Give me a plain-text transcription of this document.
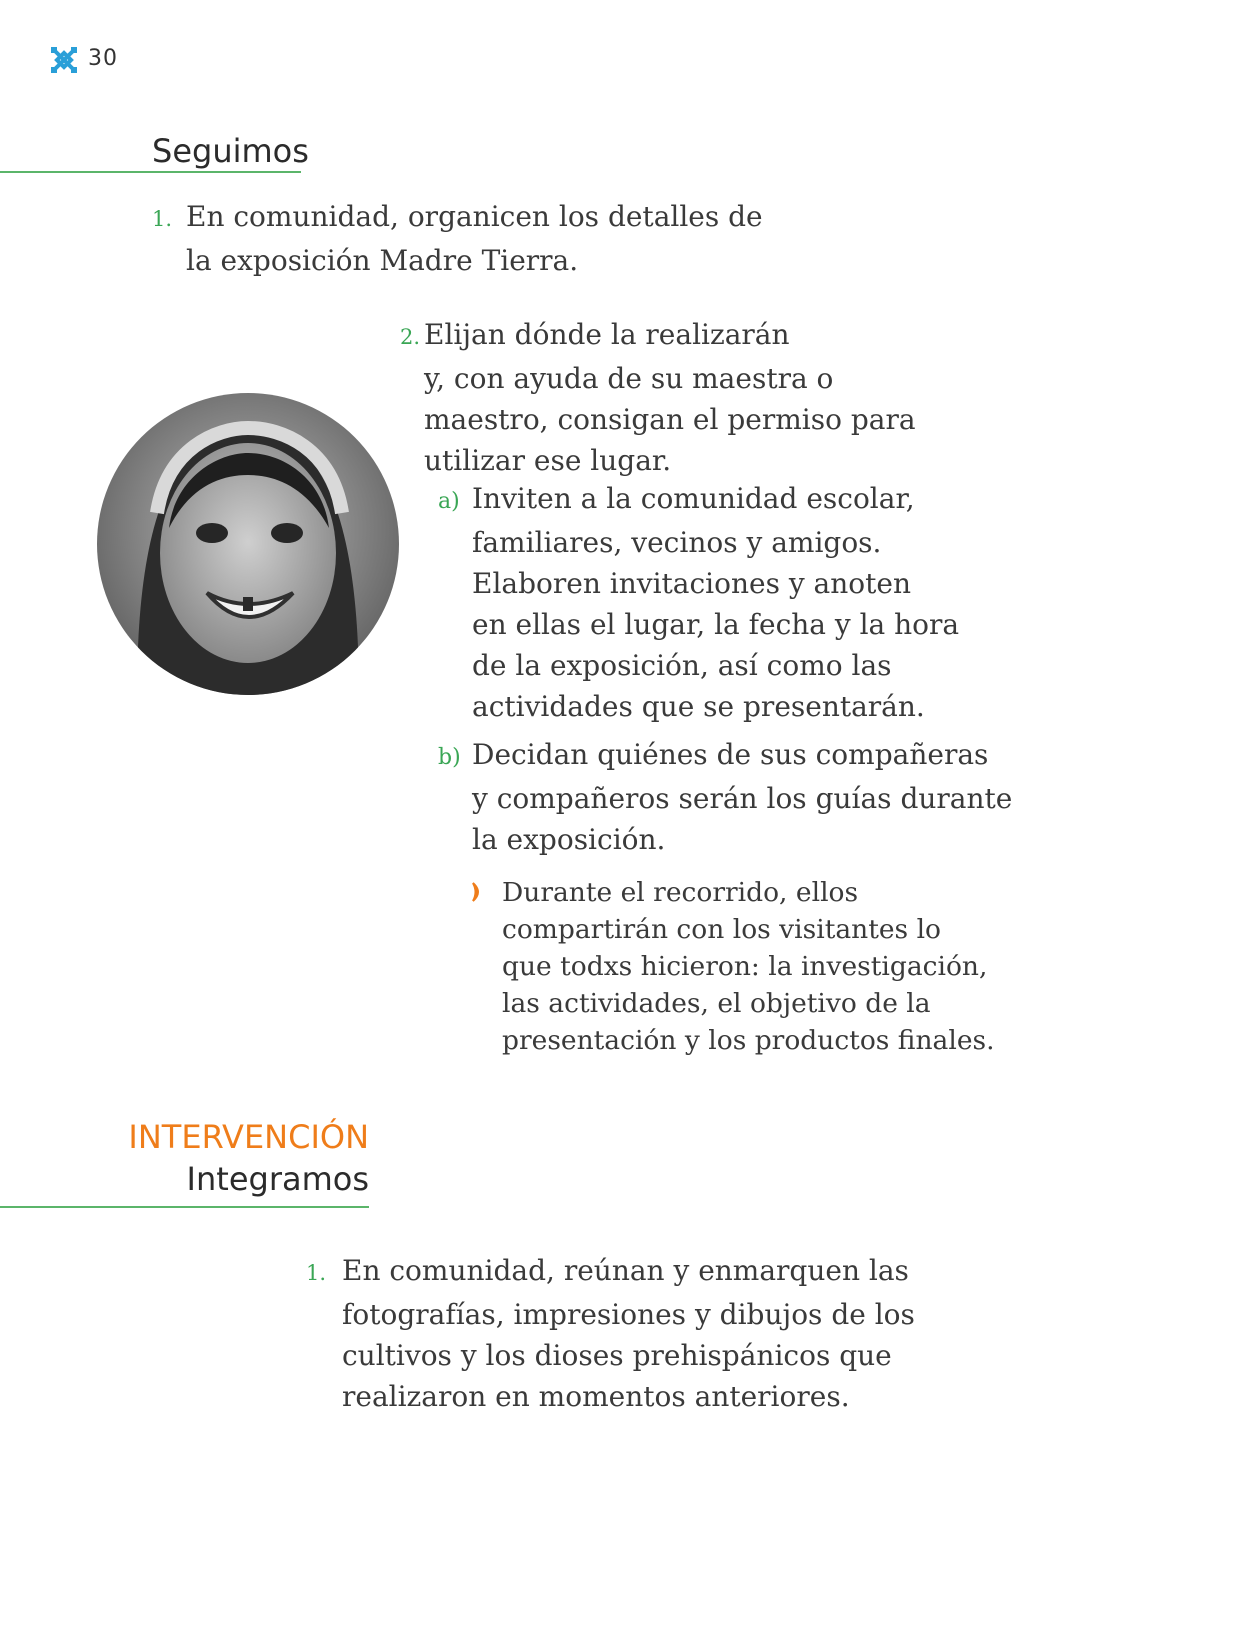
30
Seguimos
1. En comunidad, organicen los detalles de
la exposición Madre Tierra.
2. Elijan dónde la realizarán
y, con ayuda de su maestra o
maestro, consigan el permiso para
utilizar ese lugar.
a) Inviten a la comunidad escolar,
familiares, vecinos y amigos.
Elaboren invitaciones y anoten
en ellas el lugar, la fecha y la hora
de la exposición, así como las
actividades que se presentarán.
b) Decidan quiénes de sus compañeras
y compañeros serán los guías durante
la exposición.
Durante el recorrido, ellos
compartirán con los visitantes lo
que todxs hicieron: la investigación,
las actividades, el objetivo de la
presentación y los productos finales.
INTERVENCIÓN
Integramos
1. En comunidad, reúnan y enmarquen las
fotografías, impresiones y dibujos de los
cultivos y los dioses prehispánicos que
realizaron en momentos anteriores.
